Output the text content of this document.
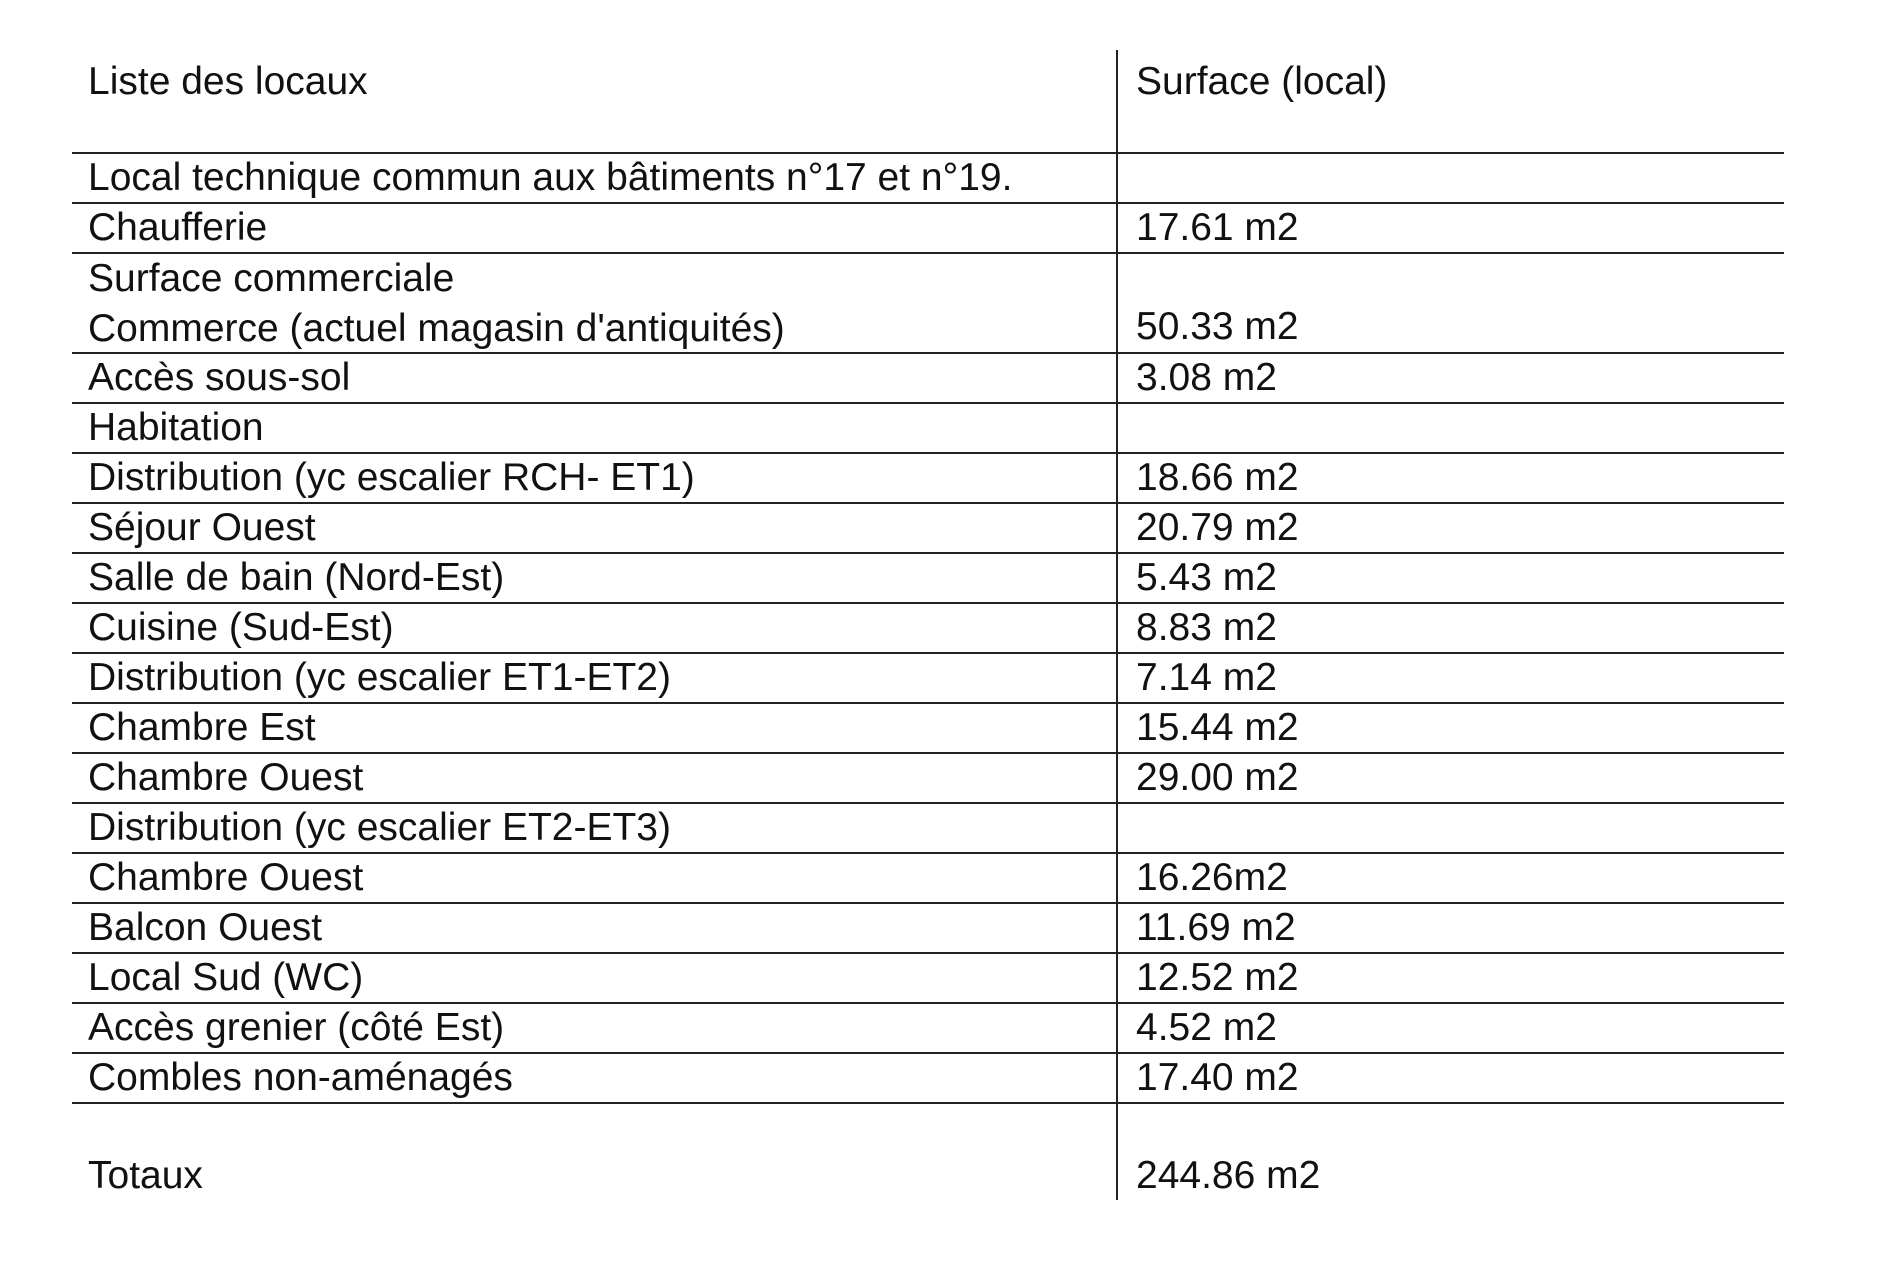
Liste des locaux	Surface (local)
Local technique commun aux bâtiments n°17 et n°19.
Chaufferie	17.61 m2
Surface commerciale
Commerce (actuel magasin d'antiquités)	50.33 m2
Accès sous-sol	3.08 m2
Habitation
Distribution (yc escalier RCH- ET1)	18.66 m2
Séjour Ouest	20.79 m2
Salle de bain (Nord-Est)	5.43 m2
Cuisine (Sud-Est)	8.83 m2
Distribution (yc escalier ET1-ET2)	7.14 m2
Chambre Est	15.44 m2
Chambre Ouest	29.00 m2
Distribution (yc escalier ET2-ET3)
Chambre Ouest	16.26m2
Balcon Ouest	11.69 m2
Local Sud (WC)	12.52 m2
Accès grenier (côté Est)	4.52 m2
Combles non-aménagés	17.40 m2
Totaux	244.86 m2
